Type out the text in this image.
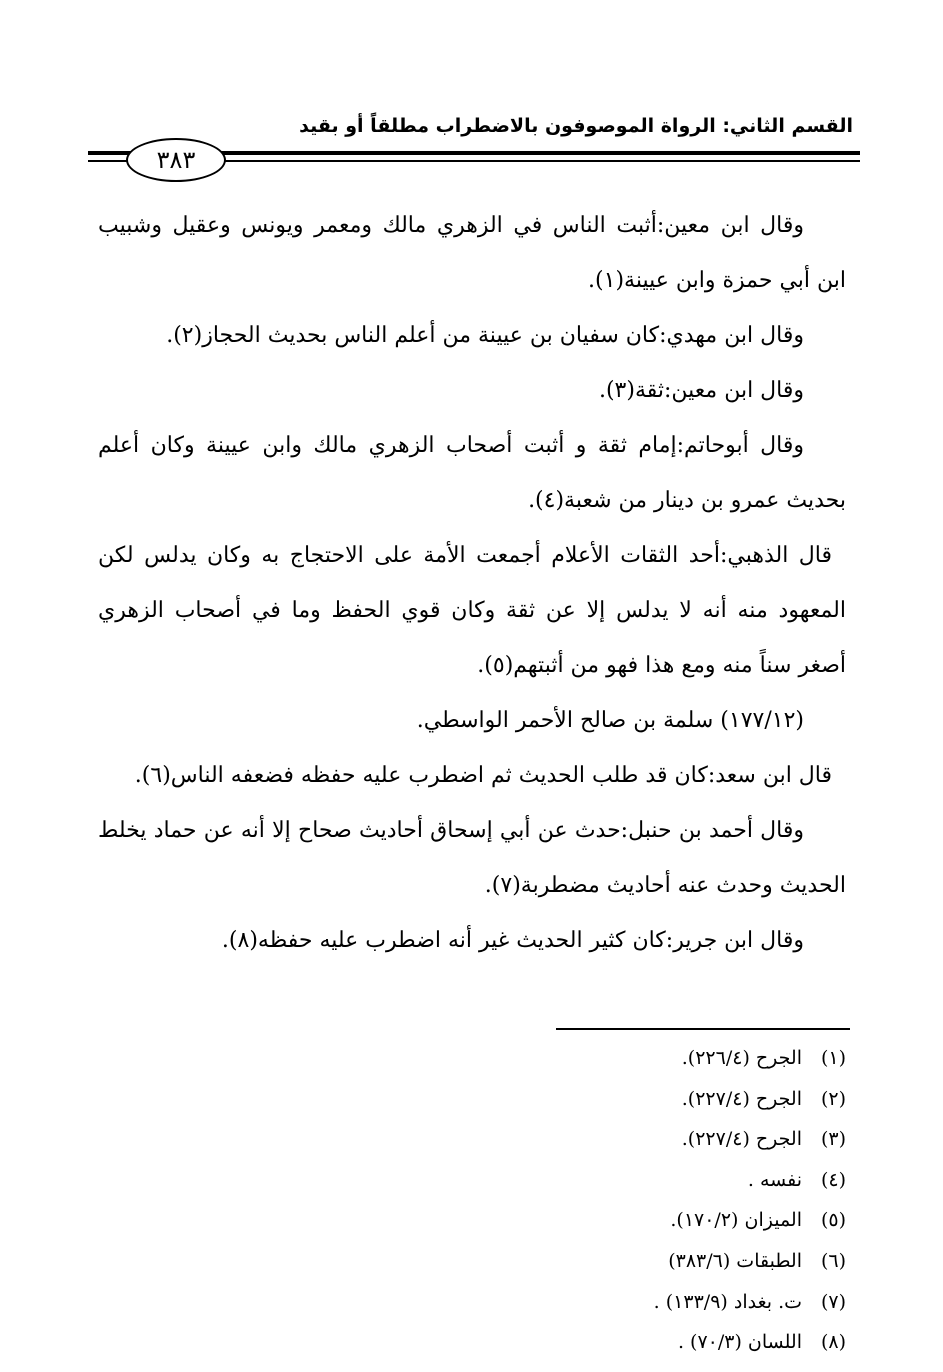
القسم الثاني: الرواة الموصوفون بالاضطراب مطلقاً أو بقيد
٣٨٣

وقال ابن معين:أثبت الناس في الزهري مالك ومعمر ويونس وعقيل وشبيب ابن أبي حمزة وابن عيينة(١).

وقال ابن مهدي:كان سفيان بن عيينة من أعلم الناس بحديث الحجاز(٢).

وقال ابن معين:ثقة(٣).

وقال أبوحاتم:إمام ثقة و أثبت أصحاب الزهري مالك وابن عيينة وكان أعلم بحديث عمرو بن دينار من شعبة(٤).

قال الذهبي:أحد الثقات الأعلام أجمعت الأمة على الاحتجاج به وكان يدلس لكن المعهود منه أنه لا يدلس إلا عن ثقة وكان قوي الحفظ وما في أصحاب الزهري أصغر سناً منه ومع هذا فهو من أثبتهم(٥).

(١٧٧/١٢) سلمة بن صالح الأحمر الواسطي.

قال ابن سعد:كان قد طلب الحديث ثم اضطرب عليه حفظه فضعفه الناس(٦).

وقال أحمد بن حنبل:حدث عن أبي إسحاق أحاديث صحاح إلا أنه عن حماد يخلط الحديث وحدث عنه أحاديث مضطربة(٧).

وقال ابن جرير:كان كثير الحديث غير أنه اضطرب عليه حفظه(٨).

(١)الجرح (٢٢٦/٤).
(٢)الجرح (٢٢٧/٤).
(٣)الجرح (٢٢٧/٤).
(٤)نفسه .
(٥)الميزان (١٧٠/٢).
(٦)الطبقات (٣٨٣/٦)
(٧)ت. بغداد (١٣٣/٩) .
(٨)اللسان (٧٠/٣) .
